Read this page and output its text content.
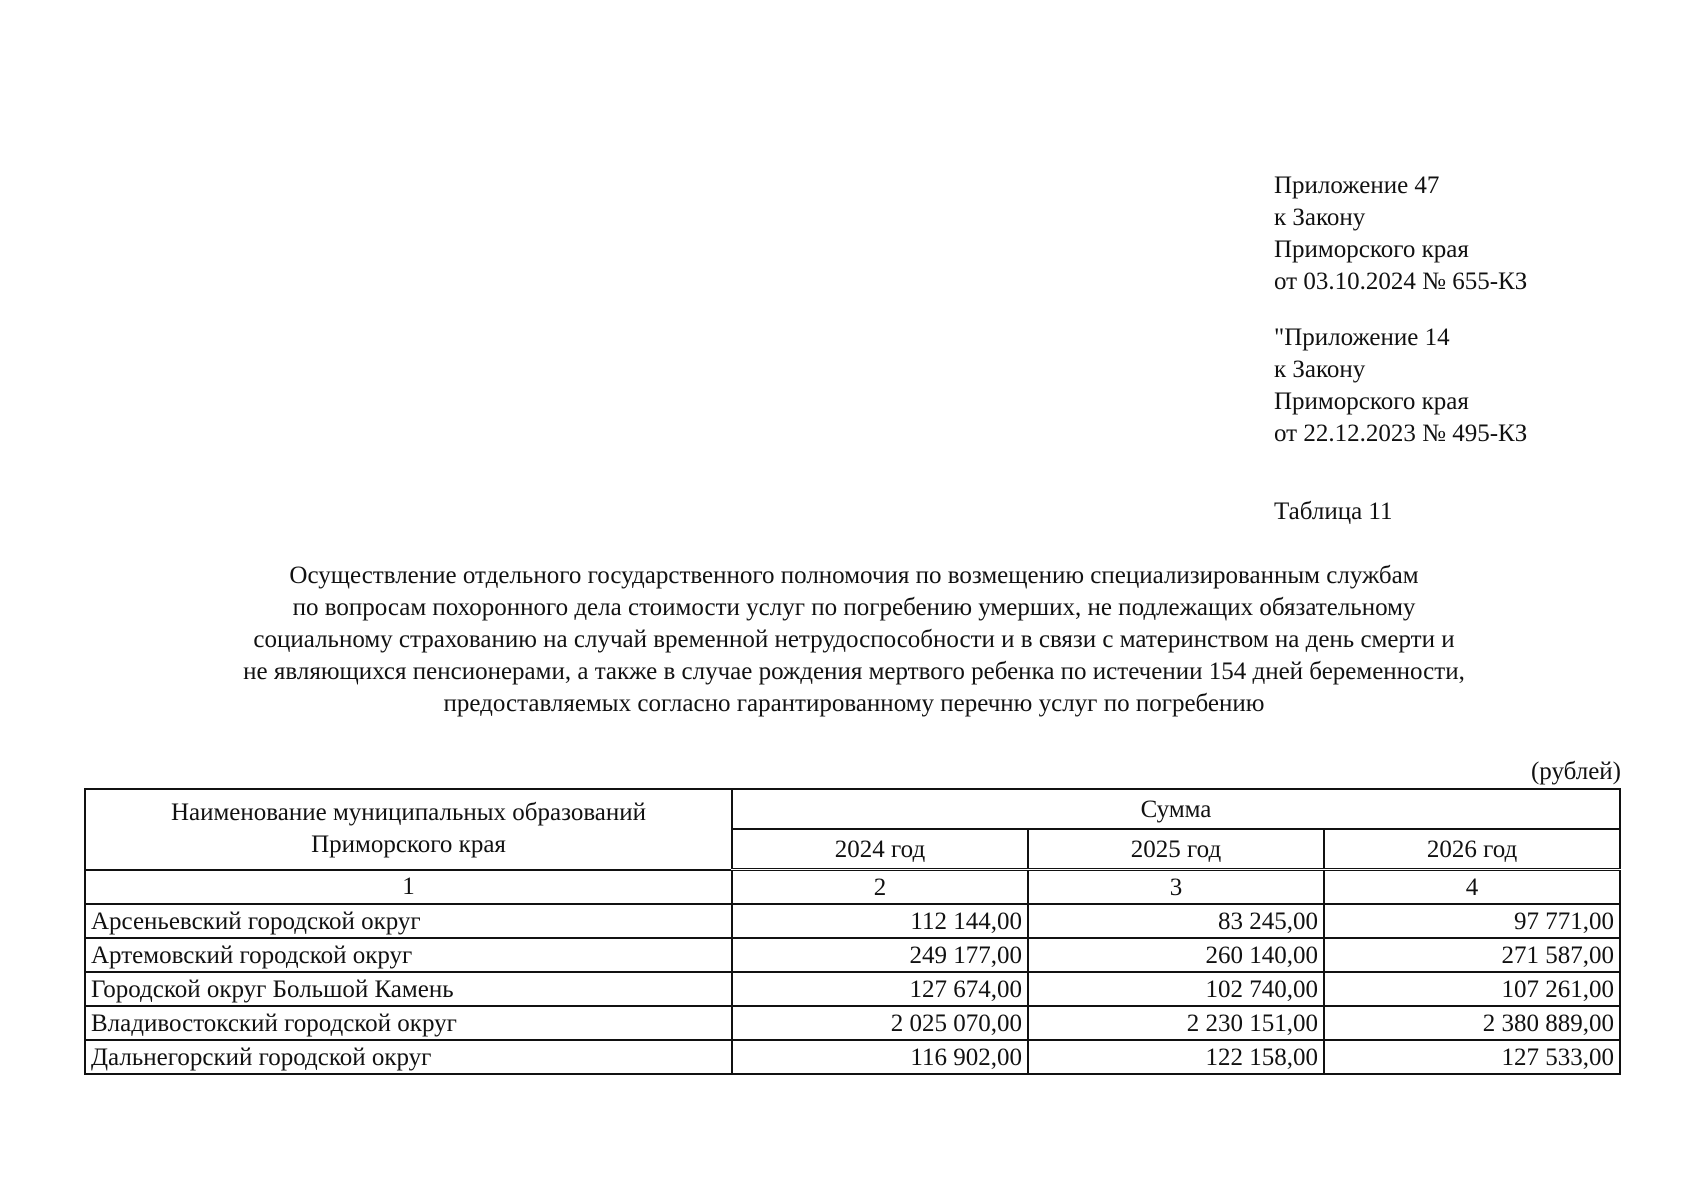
Приложение 47
к Закону
Приморского края
от 03.10.2024 № 655-КЗ
"Приложение 14
к Закону
Приморского края
от 22.12.2023 № 495-КЗ
Таблица 11
Осуществление отдельного государственного полномочия по возмещению специализированным службам
по вопросам похоронного дела стоимости услуг по погребению умерших, не подлежащих обязательному
социальному страхованию на случай временной нетрудоспособности и в связи с материнством на день смерти и
не являющихся пенсионерами, а также в случае рождения мертвого ребенка по истечении 154 дней беременности,
предоставляемых согласно гарантированному перечню услуг по погребению
(рублей)
Наименование муниципальных образований
Приморского края	Сумма		
	2024 год	2025 год	2026 год
1	2	3	4
Арсеньевский городской округ	112 144,00	83 245,00	97 771,00
Артемовский городской округ	249 177,00	260 140,00	271 587,00
Городской округ Большой Камень	127 674,00	102 740,00	107 261,00
Владивостокский городской округ	2 025 070,00	2 230 151,00	2 380 889,00
Дальнегорский городской округ	116 902,00	122 158,00	127 533,00
